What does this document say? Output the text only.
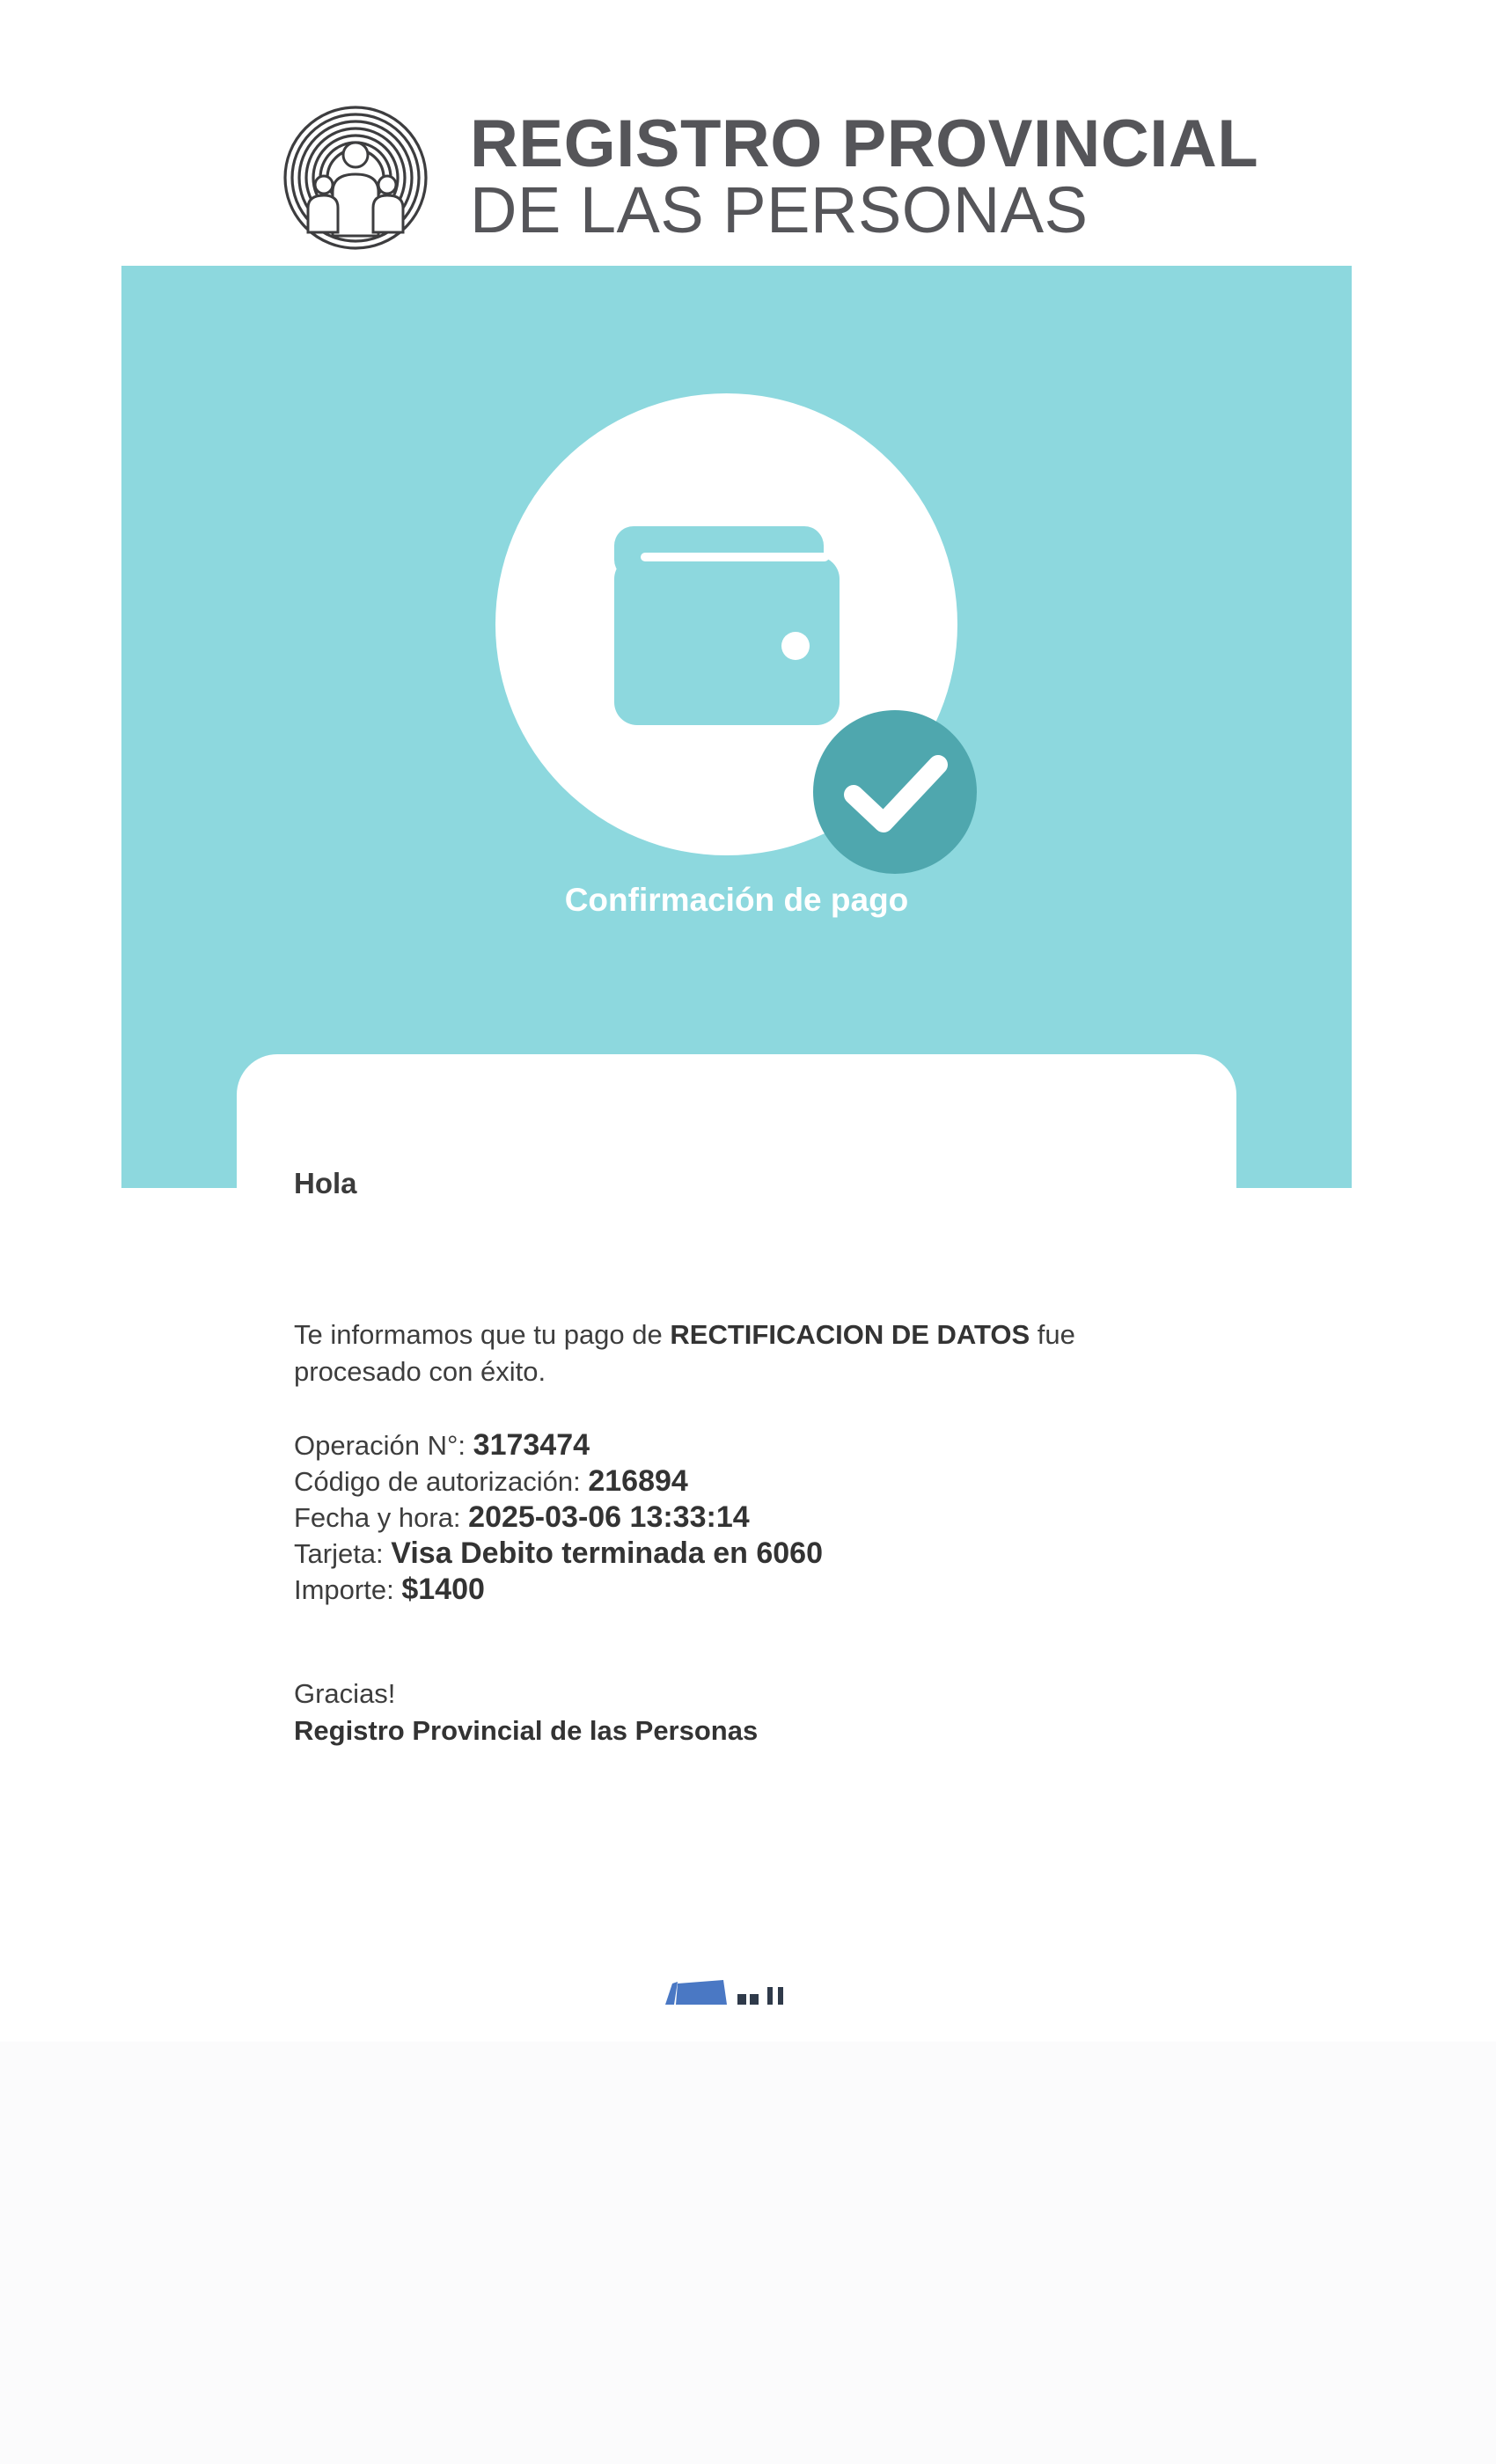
REGISTRO PROVINCIAL
DE LAS PERSONAS
Confirmación de pago
Hola
Te informamos que tu pago de RECTIFICACION DE DATOS fue procesado con éxito.
Operación N°: 3173474
Código de autorización: 216894
Fecha y hora: 2025-03-06 13:33:14
Tarjeta: Visa Debito terminada en 6060
Importe: $1400
Gracias!
Registro Provincial de las Personas
